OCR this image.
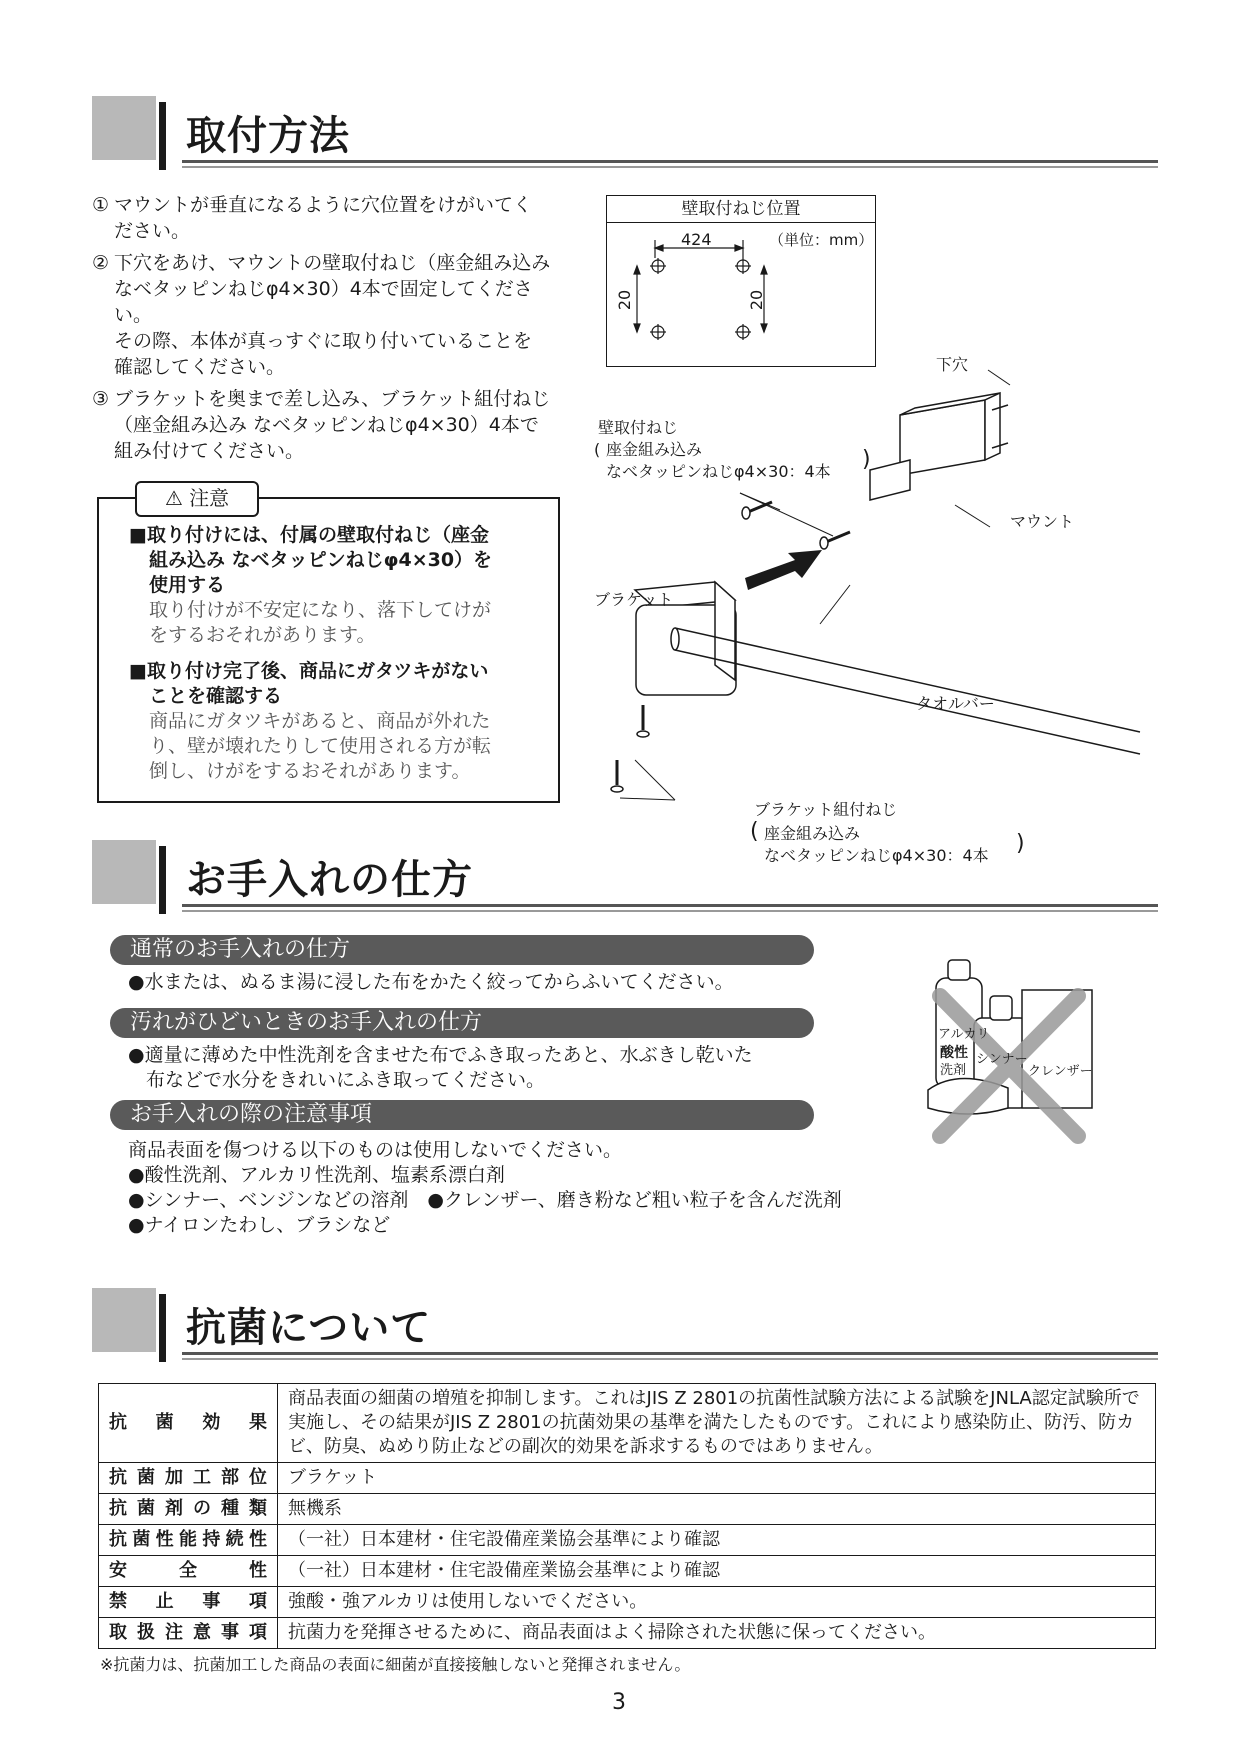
取付方法
① マウントが垂直になるように穴位置をけがいてく
ださい。
② 下穴をあけ、マウントの壁取付ねじ（座金組み込み
なベタッピンねじφ4×30）4本で固定してくださ
い。
その際、本体が真っすぐに取り付いていることを
確認してください。
③ ブラケットを奥まで差し込み、ブラケット組付ねじ
（座金組み込み なベタッピンねじφ4×30）4本で
組み付けてください。
⚠ 注意
■取り付けには、付属の壁取付ねじ（座金
組み込み なベタッピンねじφ4×30）を
使用する
取り付けが不安定になり、落下してけが
をするおそれがあります。
■取り付け完了後、商品にガタツキがない
ことを確認する
商品にガタツキがあると、商品が外れた
り、壁が壊れたりして使用される方が転
倒し、けがをするおそれがあります。
壁取付ねじ位置
（単位：mm）
424
20	20
下穴
壁取付ねじ
( 座金組み込み
なベタッピンねじφ4×30：4本 )
マウント
ブラケット
タオルバー
ブラケット組付ねじ
( 座金組み込み
なベタッピンねじφ4×30：4本 )
お手入れの仕方
通常のお手入れの仕方
●水または、ぬるま湯に浸した布をかたく絞ってからふいてください。
汚れがひどいときのお手入れの仕方
●適量に薄めた中性洗剤を含ませた布でふき取ったあと、水ぶきし乾いた
布などで水分をきれいにふき取ってください。
お手入れの際の注意事項
商品表面を傷つける以下のものは使用しないでください。
●酸性洗剤、アルカリ性洗剤、塩素系漂白剤
●シンナー、ベンジンなどの溶剤　●クレンザー、磨き粉など粗い粒子を含んだ洗剤
●ナイロンたわし、ブラシなど
アルカリ
酸性
洗剤
シンナー
クレンザー
抗菌について
抗菌効果	商品表面の細菌の増殖を抑制します。これはJIS Z 2801の抗菌性試験方法による試験をJNLA認定試験所で実施し、その結果がJIS Z 2801の抗菌効果の基準を満たしたものです。これにより感染防止、防汚、防カビ、防臭、ぬめり防止などの副次的効果を訴求するものではありません。
抗菌加工部位	ブラケット
抗菌剤の種類	無機系
抗菌性能持続性	（一社）日本建材・住宅設備産業協会基準により確認
安全性	（一社）日本建材・住宅設備産業協会基準により確認
禁止事項	強酸・強アルカリは使用しないでください。
取扱注意事項	抗菌力を発揮させるために、商品表面はよく掃除された状態に保ってください。
※抗菌力は、抗菌加工した商品の表面に細菌が直接接触しないと発揮されません。
3
